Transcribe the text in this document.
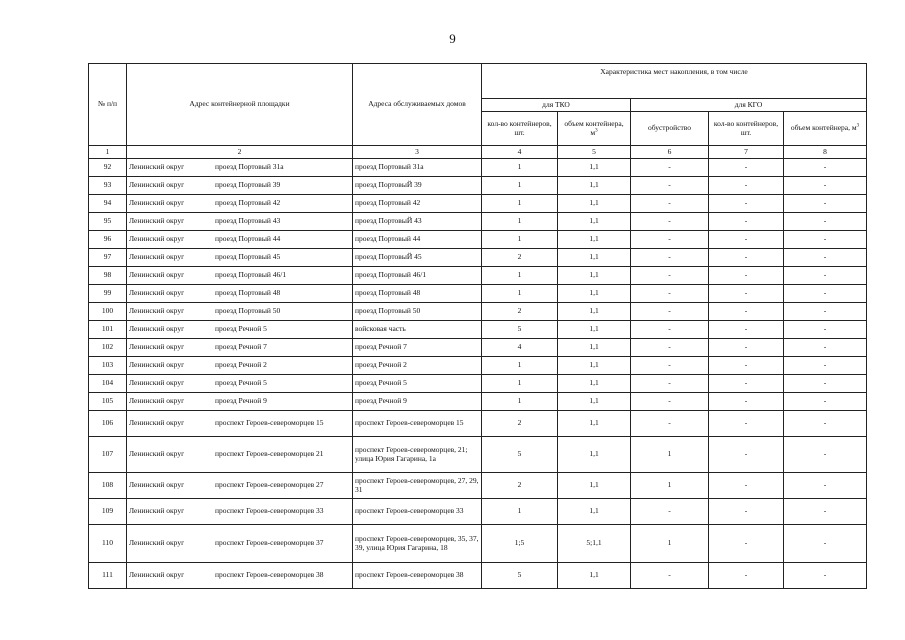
9
№ п/п	Адрес контейнерной площадки	Адреса обслуживаемых домов	Характеристика мест накопления, в том числе				
			для ТКО		для КГО		
			кол-во контейнеров, шт.	объем контейнера, $м^3$	обустройство	кол-во контейнеров, шт.	объем контейнера, $м^3$
1	2	3	4	5	6	7	8
92	Ленинский округ проезд Портовый 31а	проезд Портовый 31а	1	1,1	-	-	-
93	Ленинский округ проезд Портовый 39	проезд ПортовыЙ 39	1	1,1	-	-	-
94	Ленинский округ проезд Портовый 42	проезд Портовый 42	1	1,1	-	-	-
95	Ленинский округ проезд Портовый 43	проезд ПортовыЙ 43	1	1,1	-	-	-
96	Ленинский округ проезд Портовый 44	проезд Портовый 44	1	1,1	-	-	-
97	Ленинский округ проезд Портовый 45	проезд ПортовыЙ 45	2	1,1	-	-	-
98	Ленинский округ проезд Портовый 46/1	проезд Портовый 46/1	1	1,1	-	-	-
99	Ленинский округ проезд Портовый 48	проезд Портовый 48	1	1,1	-	-	-
100	Ленинский округ проезд Портовый 50	проезд Портовый 50	2	1,1	-	-	-
101	Ленинский округ проезд Речной 5	войсковая часть	5	1,1	-	-	-
102	Ленинский округ проезд Речной 7	проезд Речной 7	4	1,1	-	-	-
103	Ленинский округ проезд Речной 2	проезд Речной 2	1	1,1	-	-	-
104	Ленинский округ проезд Речной 5	проезд Речной 5	1	1,1	-	-	-
105	Ленинский округ проезд Речной 9	проезд Речной 9	1	1,1	-	-	-
106	Ленинский округ проспект Героев-североморцев 15	проспект Героев-североморцев 15	2	1,1	-	-	-
107	Ленинский округ проспект Героев-североморцев 21	проспект Героев-североморцев, 21; улица Юрия Гагарина, 1а	5	1,1	1	-	-
108	Ленинский округ проспект Героев-североморцев 27	проспект Героев-североморцев, 27, 29, 31	2	1,1	1	-	-
109	Ленинский округ проспект Героев-североморцев 33	проспект Героев-североморцев 33	1	1,1	-	-	-
110	Ленинский округ проспект Героев-североморцев 37	проспект Героев-североморцев, 35, 37, 39, улица Юрия Гагарина, 18	1;5	5;1,1	1	-	-
111	Ленинский округ проспект Героев-североморцев 38	проспект Героев-североморцев 38	5	1,1	-	-	-
